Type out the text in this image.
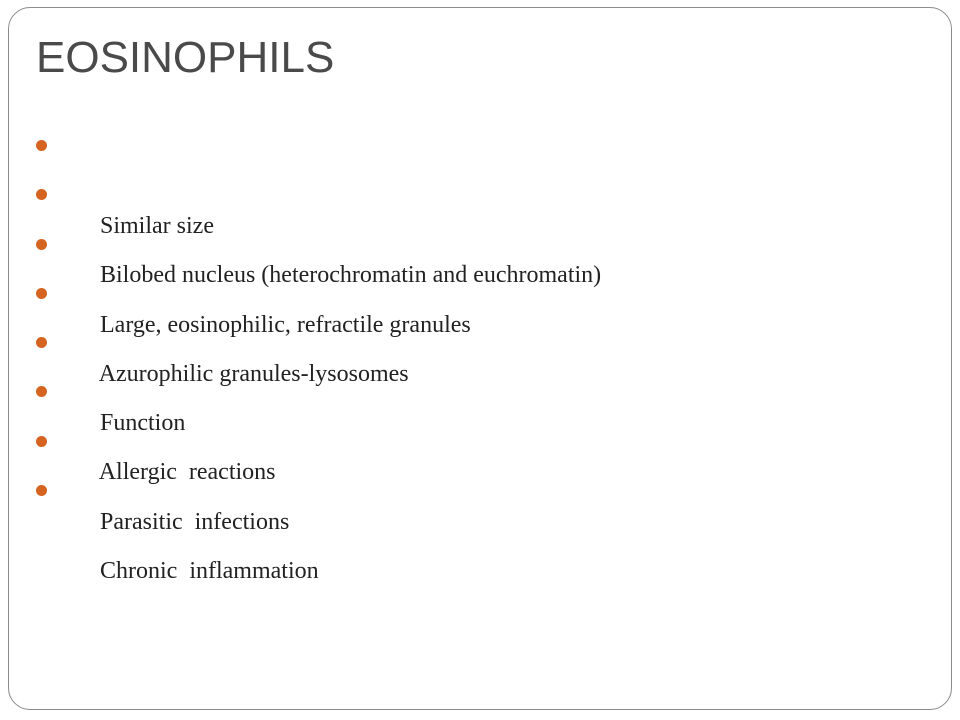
EOSINOPHILS

Similar size

Bilobed nucleus (heterochromatin and euchromatin)

Large, eosinophilic, refractile granules

Azurophilic granules-lysosomes

Function

Allergic  reactions

Parasitic  infections

Chronic  inflammation
